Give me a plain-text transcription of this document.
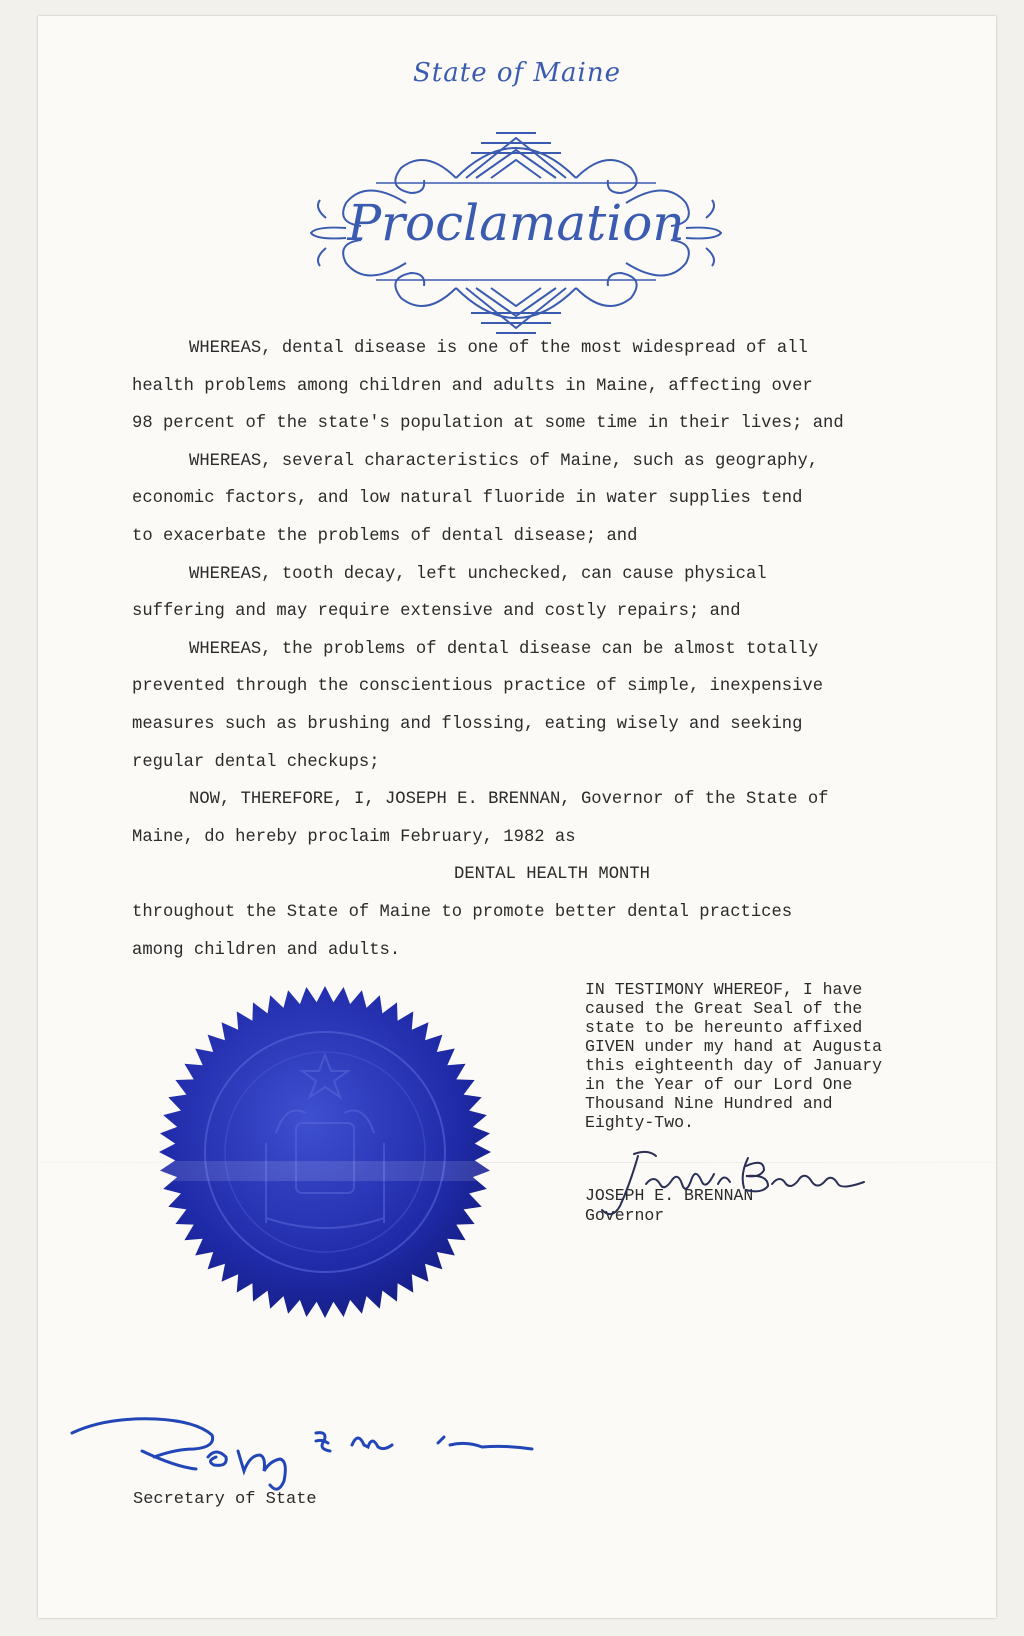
State of Maine
Proclamation

WHEREAS, dental disease is one of the most widespread of all
health problems among children and adults in Maine, affecting over
98 percent of the state's population at some time in their lives; and

WHEREAS, several characteristics of Maine, such as geography,
economic factors, and low natural fluoride in water supplies tend
to exacerbate the problems of dental disease; and

WHEREAS, tooth decay, left unchecked, can cause physical
suffering and may require extensive and costly repairs; and

WHEREAS, the problems of dental disease can be almost totally
prevented through the conscientious practice of simple, inexpensive
measures such as brushing and flossing, eating wisely and seeking
regular dental checkups;

NOW, THEREFORE, I, JOSEPH E. BRENNAN, Governor of the State of
Maine, do hereby proclaim February, 1982 as

DENTAL HEALTH MONTH

throughout the State of Maine to promote better dental practices
among children and adults.

IN TESTIMONY WHEREOF, I have
caused the Great Seal of the
state to be hereunto affixed
GIVEN under my hand at Augusta
this eighteenth day of January
in the Year of our Lord One
Thousand Nine Hundred and
Eighty-Two.
JOSEPH E. BRENNAN
Governor
Secretary of State
